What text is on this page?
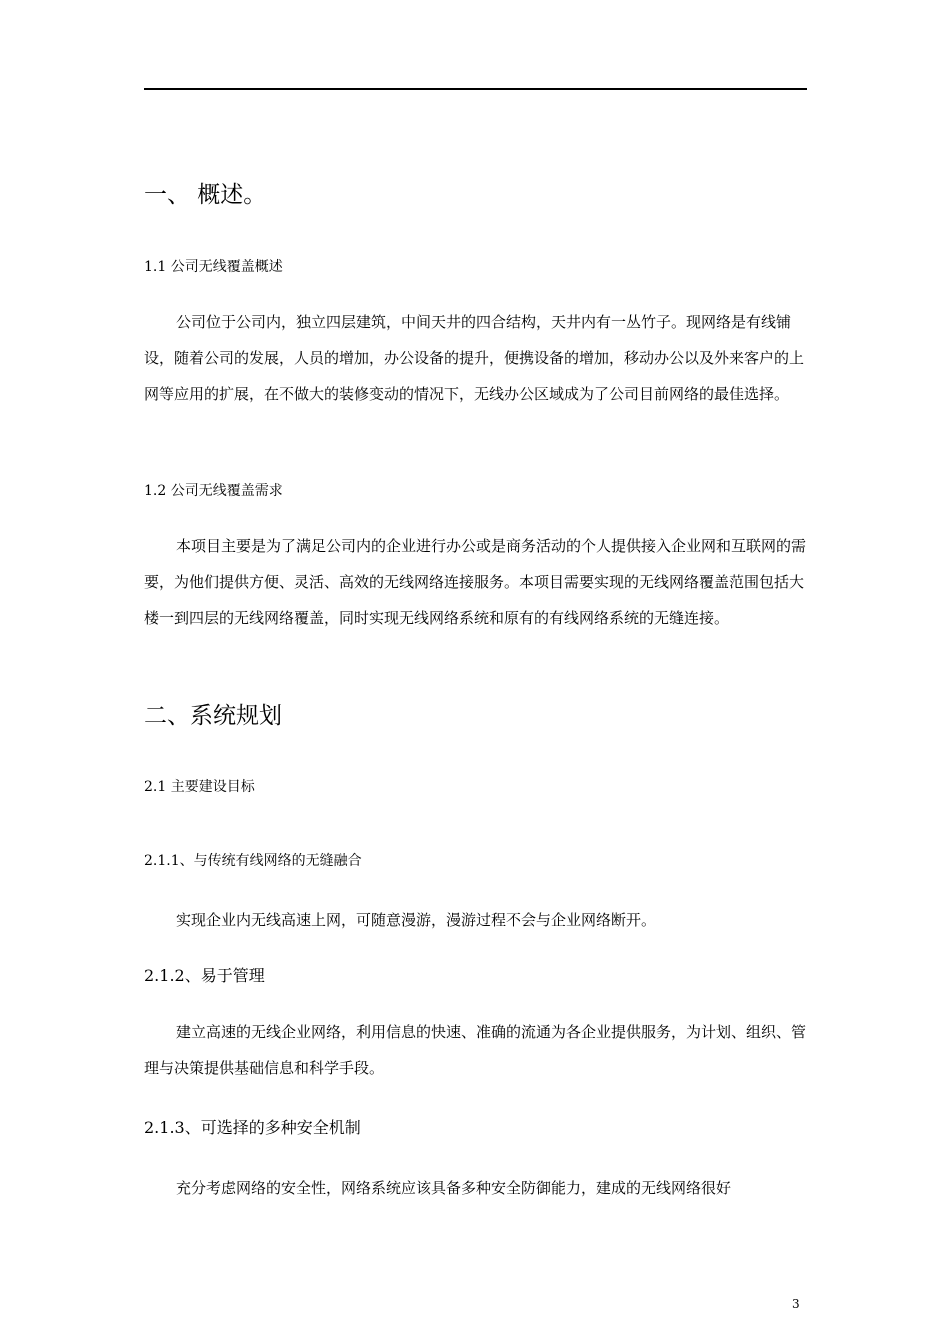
一、 概述。
1.1 公司无线覆盖概述
公司位于公司内，独立四层建筑，中间天井的四合结构，天井内有一丛竹子。现网络是有线铺设，随着公司的发展，人员的增加，办公设备的提升，便携设备的增加，移动办公以及外来客户的上网等应用的扩展，在不做大的装修变动的情况下，无线办公区域成为了公司目前网络的最佳选择。
1.2 公司无线覆盖需求
本项目主要是为了满足公司内的企业进行办公或是商务活动的个人提供接入企业网和互联网的需要，为他们提供方便、灵活、高效的无线网络连接服务。本项目需要实现的无线网络覆盖范围包括大楼一到四层的无线网络覆盖，同时实现无线网络系统和原有的有线网络系统的无缝连接。
二、系统规划
2.1 主要建设目标
2.1.1、与传统有线网络的无缝融合
实现企业内无线高速上网，可随意漫游，漫游过程不会与企业网络断开。
2.1.2、易于管理
建立高速的无线企业网络，利用信息的快速、准确的流通为各企业提供服务，为计划、组织、管理与决策提供基础信息和科学手段。
2.1.3、可选择的多种安全机制
充分考虑网络的安全性，网络系统应该具备多种安全防御能力，建成的无线网络很好
3
